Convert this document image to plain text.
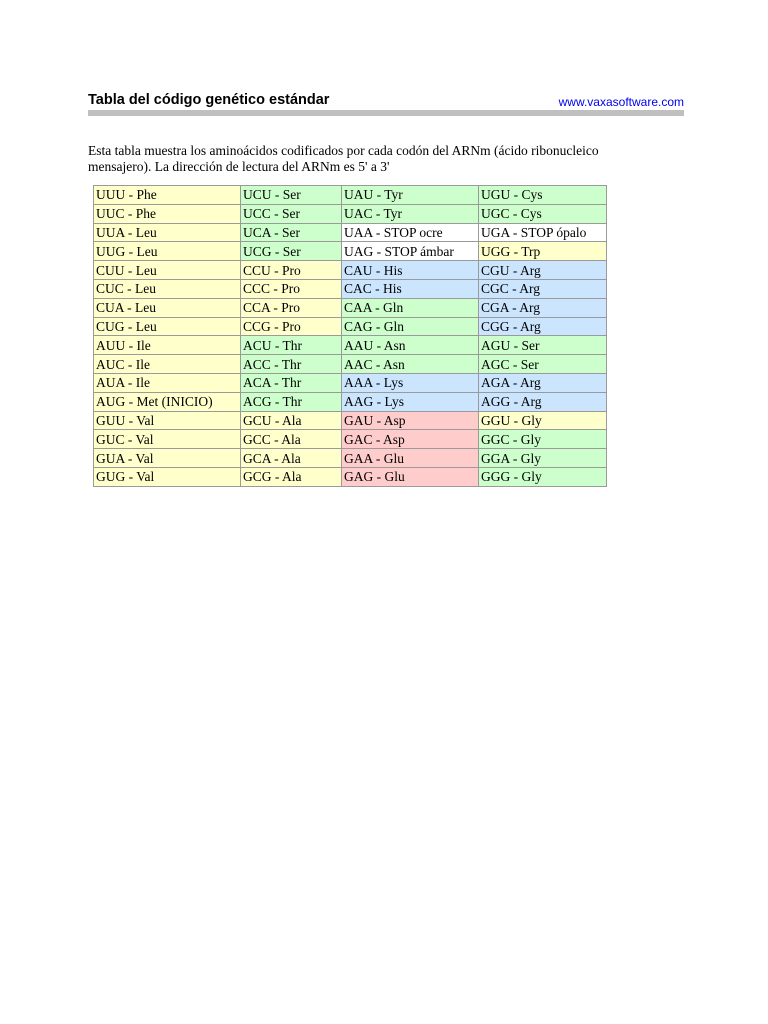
Tabla del código genético estándar	www.vaxasoftware.com
Esta tabla muestra los aminoácidos codificados por cada codón del ARNm (ácido ribonucleico mensajero). La dirección de lectura del ARNm es 5' a 3'
UUU - Phe	UCU - Ser	UAU - Tyr	UGU - Cys
UUC - Phe	UCC - Ser	UAC - Tyr	UGC - Cys
UUA - Leu	UCA - Ser	UAA - STOP ocre	UGA - STOP ópalo
UUG - Leu	UCG - Ser	UAG - STOP ámbar	UGG - Trp
CUU - Leu	CCU - Pro	CAU - His	CGU - Arg
CUC - Leu	CCC - Pro	CAC - His	CGC - Arg
CUA - Leu	CCA - Pro	CAA - Gln	CGA - Arg
CUG - Leu	CCG - Pro	CAG - Gln	CGG - Arg
AUU - Ile	ACU - Thr	AAU - Asn	AGU - Ser
AUC - Ile	ACC - Thr	AAC - Asn	AGC - Ser
AUA - Ile	ACA - Thr	AAA - Lys	AGA - Arg
AUG - Met (INICIO)	ACG - Thr	AAG - Lys	AGG - Arg
GUU - Val	GCU - Ala	GAU - Asp	GGU - Gly
GUC - Val	GCC - Ala	GAC - Asp	GGC - Gly
GUA - Val	GCA - Ala	GAA - Glu	GGA - Gly
GUG - Val	GCG - Ala	GAG - Glu	GGG - Gly
